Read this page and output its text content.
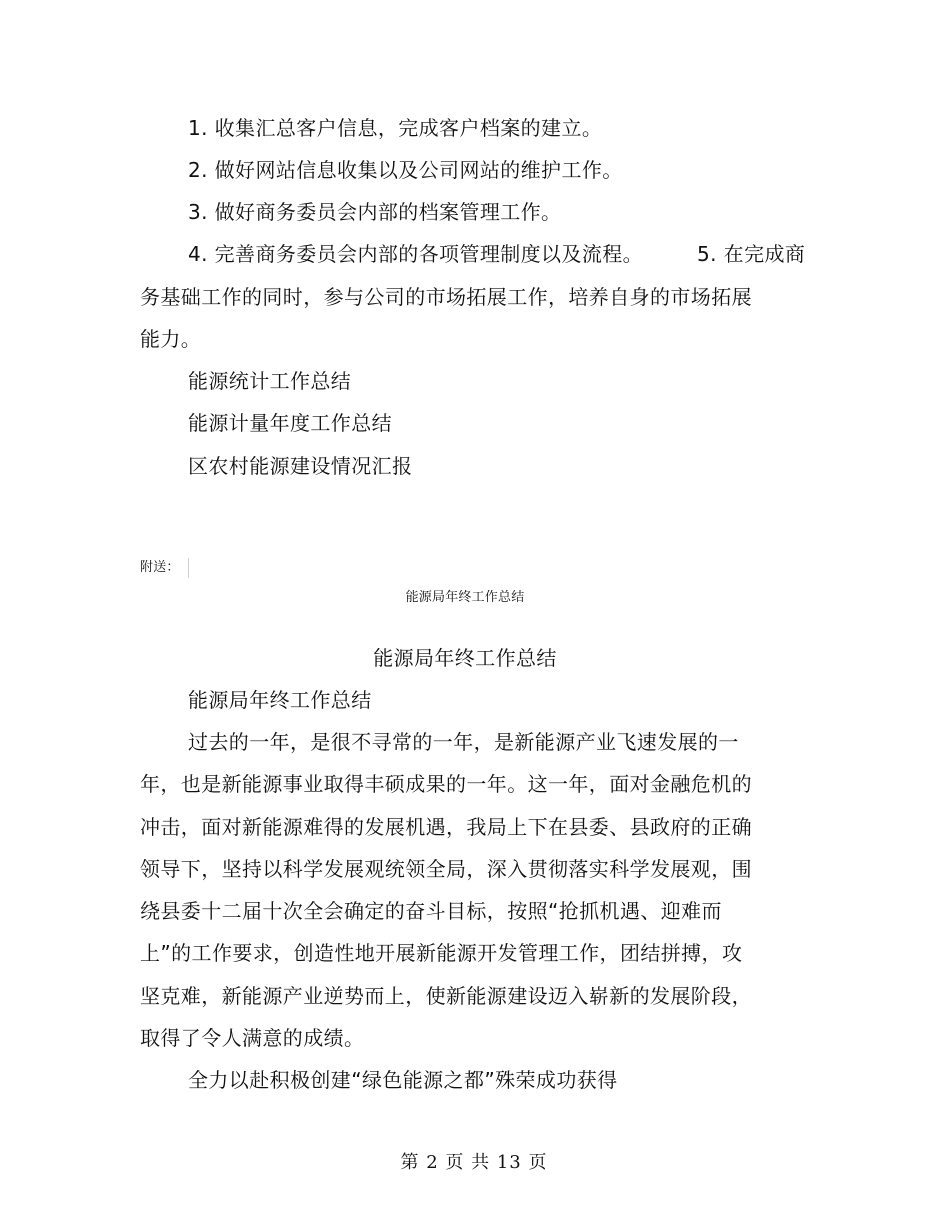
1. 收集汇总客户信息，完成客户档案的建立。
2. 做好网站信息收集以及公司网站的维护工作。
3. 做好商务委员会内部的档案管理工作。
4. 完善商务委员会内部的各项管理制度以及流程。	5. 在完成商
务基础工作的同时，参与公司的市场拓展工作，培养自身的市场拓展
能力。
能源统计工作总结
能源计量年度工作总结
区农村能源建设情况汇报
附送：
能源局年终工作总结
能源局年终工作总结
能源局年终工作总结
过去的一年，是很不寻常的一年，是新能源产业飞速发展的一
年，也是新能源事业取得丰硕成果的一年。这一年，面对金融危机的
冲击，面对新能源难得的发展机遇，我局上下在县委、县政府的正确
领导下，坚持以科学发展观统领全局，深入贯彻落实科学发展观，围
绕县委十二届十次全会确定的奋斗目标，按照“抢抓机遇、迎难而
上”的工作要求，创造性地开展新能源开发管理工作，团结拼搏，攻
坚克难，新能源产业逆势而上，使新能源建设迈入崭新的发展阶段，
取得了令人满意的成绩。
全力以赴积极创建“绿色能源之都”殊荣成功获得
第 2 页 共 13 页
